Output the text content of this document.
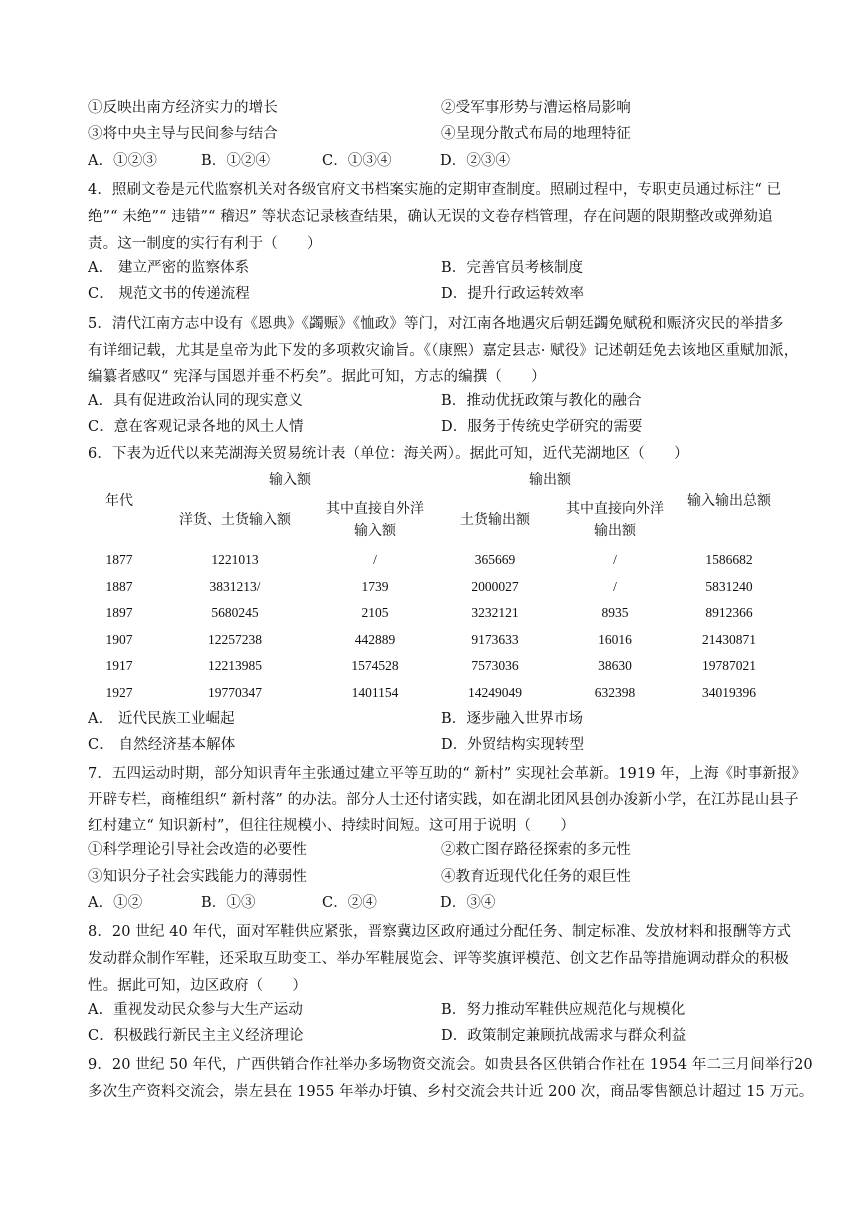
①反映出南方经济实力的增长	②受军事形势与漕运格局影响
③将中央主导与民间参与结合	④呈现分散式布局的地理特征
A．①②③	B．①②④	C．①③④	D．②③④
4．照刷文卷是元代监察机关对各级官府文书档案实施的定期审查制度。照刷过程中，专职吏员通过标注“ 已
绝”“ 未绝”“ 违错”“ 稽迟” 等状态记录核查结果，确认无误的文卷存档管理，存在问题的限期整改或弹劾追
责。这一制度的实行有利于（　　）
A． 建立严密的监察体系	B．完善官员考核制度
C． 规范文书的传递流程	D．提升行政运转效率
5．清代江南方志中设有《恩典》《蠲赈》《恤政》等门，对江南各地遇灾后朝廷蠲免赋税和赈济灾民的举措多
有详细记载，尤其是皇帝为此下发的多项救灾谕旨。《（康熙）嘉定县志· 赋役》记述朝廷免去该地区重赋加派，
编纂者感叹“ 宪泽与国恩并垂不朽矣”。据此可知，方志的编撰（　　）
A．具有促进政治认同的现实意义	B．推动优抚政策与教化的融合
C．意在客观记录各地的风土人情	D．服务于传统史学研究的需要
6．下表为近代以来芜湖海关贸易统计表（单位：海关两）。据此可知，近代芜湖地区（　　）
年代	输入额		输出额		输入输出总额
	洋货、土货输入额	其中直接自外洋输入额	土货输出额	其中直接向外洋输出额	
1877	1221013	/	365669	/	1586682
1887	3831213/	1739	2000027	/	5831240
1897	5680245	2105	3232121	8935	8912366
1907	12257238	442889	9173633	16016	21430871
1917	12213985	1574528	7573036	38630	19787021
1927	19770347	1401154	14249049	632398	34019396
A． 近代民族工业崛起	B．逐步融入世界市场
C． 自然经济基本解体	D．外贸结构实现转型
7．五四运动时期，部分知识青年主张通过建立平等互助的“ 新村” 实现社会革新。1919 年，上海《时事新报》
开辟专栏，商榷组织“ 新村落” 的办法。部分人士还付诸实践，如在湖北团风县创办浚新小学，在江苏昆山县子
红村建立“ 知识新村”，但往往规模小、持续时间短。这可用于说明（　　）
①科学理论引导社会改造的必要性	②救亡图存路径探索的多元性
③知识分子社会实践能力的薄弱性	④教育近现代化任务的艰巨性
A．①②	B．①③	C．②④	D．③④
8．20 世纪 40 年代，面对军鞋供应紧张，晋察冀边区政府通过分配任务、制定标准、发放材料和报酬等方式
发动群众制作军鞋，还采取互助变工、举办军鞋展览会、评等奖旗评模范、创文艺作品等措施调动群众的积极
性。据此可知，边区政府（　　）
A．重视发动民众参与大生产运动	B．努力推动军鞋供应规范化与规模化
C．积极践行新民主主义经济理论	D．政策制定兼顾抗战需求与群众利益
9．20 世纪 50 年代，广西供销合作社举办多场物资交流会。如贵县各区供销合作社在 1954 年二三月间举行20
多次生产资料交流会，崇左县在 1955 年举办圩镇、乡村交流会共计近 200 次，商品零售额总计超过 15 万元。
